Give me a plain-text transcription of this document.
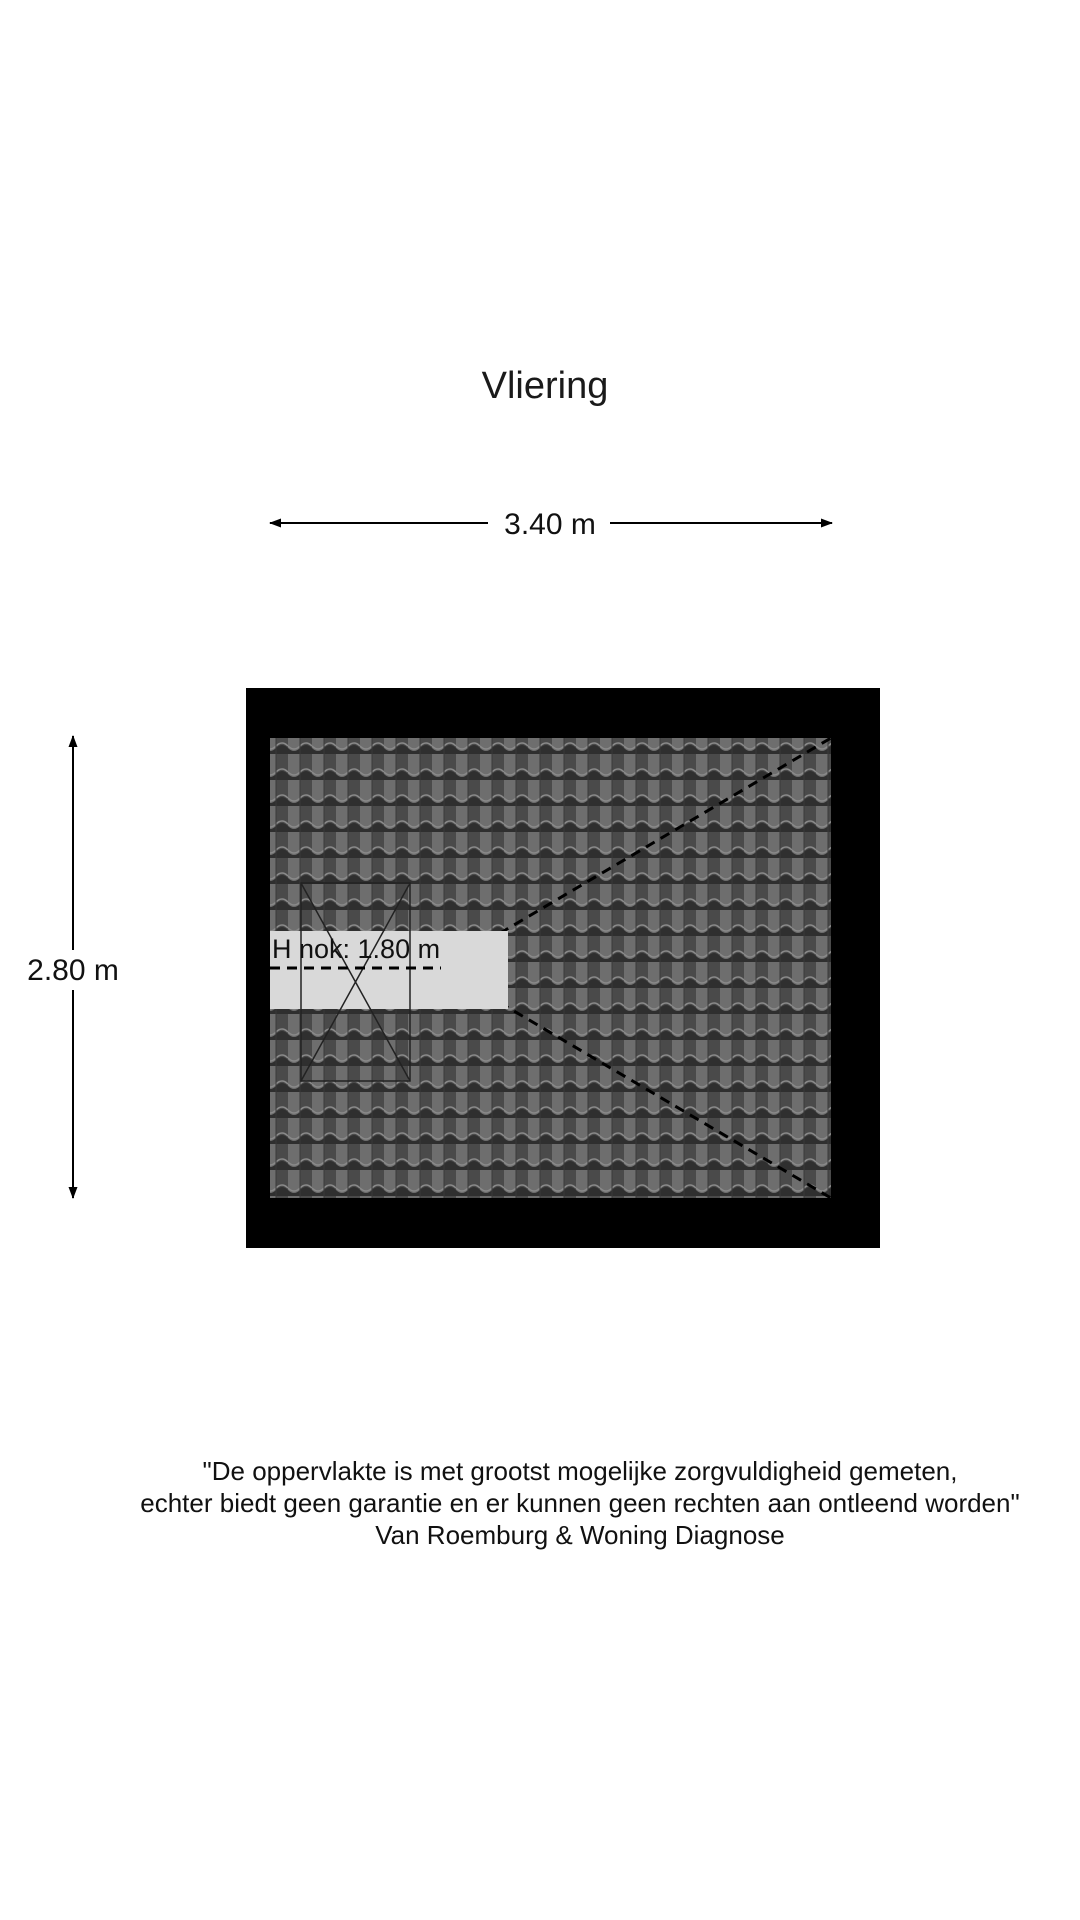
Vliering
3.40 m
2.80 m
H nok: 1.80 m
"De oppervlakte is met grootst mogelijke zorgvuldigheid gemeten,
echter biedt geen garantie en er kunnen geen rechten aan ontleend worden"
Van Roemburg & Woning Diagnose
